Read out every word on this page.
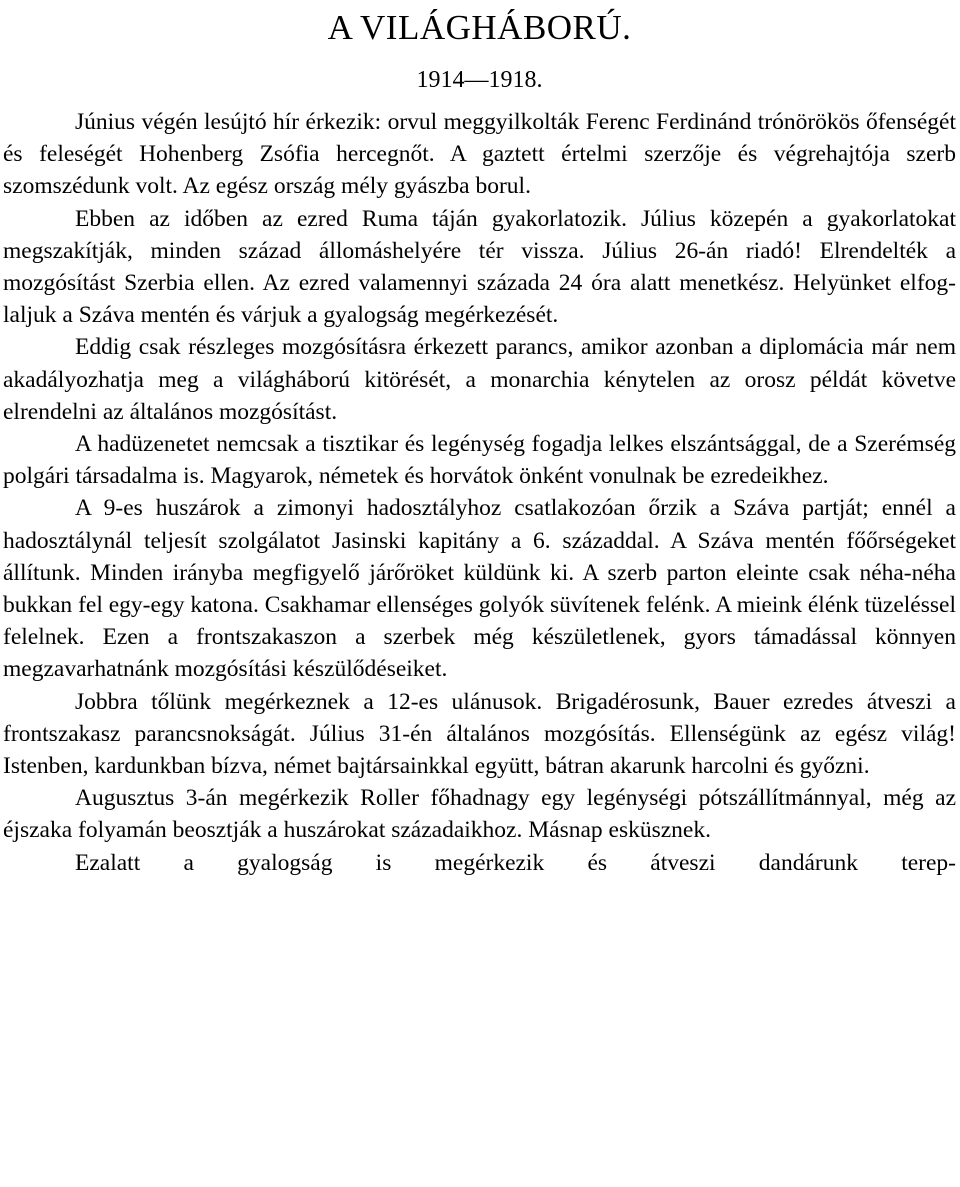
A VILÁGHÁBORÚ.
1914—1918.

Június végén lesújtó hír érkezik: orvul meggyilkolták Ferenc Ferdinánd trónörökös őfenségét és feleségét Hohenberg Zsófia hercegnőt. A gaztett értelmi szerzője és végrehajtója szerb szomszédunk volt. Az egész ország mély gyászba borul.

Ebben az időben az ezred Ruma táján gyakorlatozik. Július közepén a gyakorlatokat megszakítják, minden század állomáshelyére tér vissza. Július 26-án riadó! Elrendelték a mozgósítást Szerbia ellen. Az ezred valamennyi százada 24 óra alatt menetkész. Helyünket elfoglaljuk a Száva mentén és várjuk a gyalogság megérkezését.

Eddig csak részleges mozgósításra érkezett parancs, amikor azonban a diplomácia már nem akadályozhatja meg a világháború kitörését, a monarchia kénytelen az orosz példát követve elrendelni az általános mozgósítást.

A hadüzenetet nemcsak a tisztikar és legénység fogadja lelkes elszántsággal, de a Szerémség polgári társadalma is. Magyarok, németek és horvátok önként vonulnak be ezredeikhez.

A 9-es huszárok a zimonyi hadosztályhoz csatlakozóan őrzik a Száva partját; ennél a hadosztálynál teljesít szolgálatot Jasinski kapitány a 6. századdal. A Száva mentén főőrségeket állítunk. Minden irányba megfigyelő járőröket küldünk ki. A szerb parton eleinte csak néha-néha bukkan fel egy-egy katona. Csakhamar ellenséges golyók süvítenek felénk. A mieink élénk tüzeléssel felelnek. Ezen a frontszakaszon a szerbek még készületlenek, gyors támadással könnyen megzavarhatnánk mozgósítási készülődéseiket.

Jobbra tőlünk megérkeznek a 12-es ulánusok. Brigadérosunk, Bauer ezredes átveszi a frontszakasz parancsnokságát. Július 31-én általános mozgósítás. Ellenségünk az egész világ! Istenben, kardunkban bízva, német bajtársainkkal együtt, bátran akarunk harcolni és győzni.

Augusztus 3-án megérkezik Roller főhadnagy egy legénységi pótszállítmánnyal, még az éjszaka folyamán beosztják a huszárokat századaikhoz. Másnap esküsznek.

Ezalatt a gyalogság is megérkezik és átveszi dandárunk terep-
